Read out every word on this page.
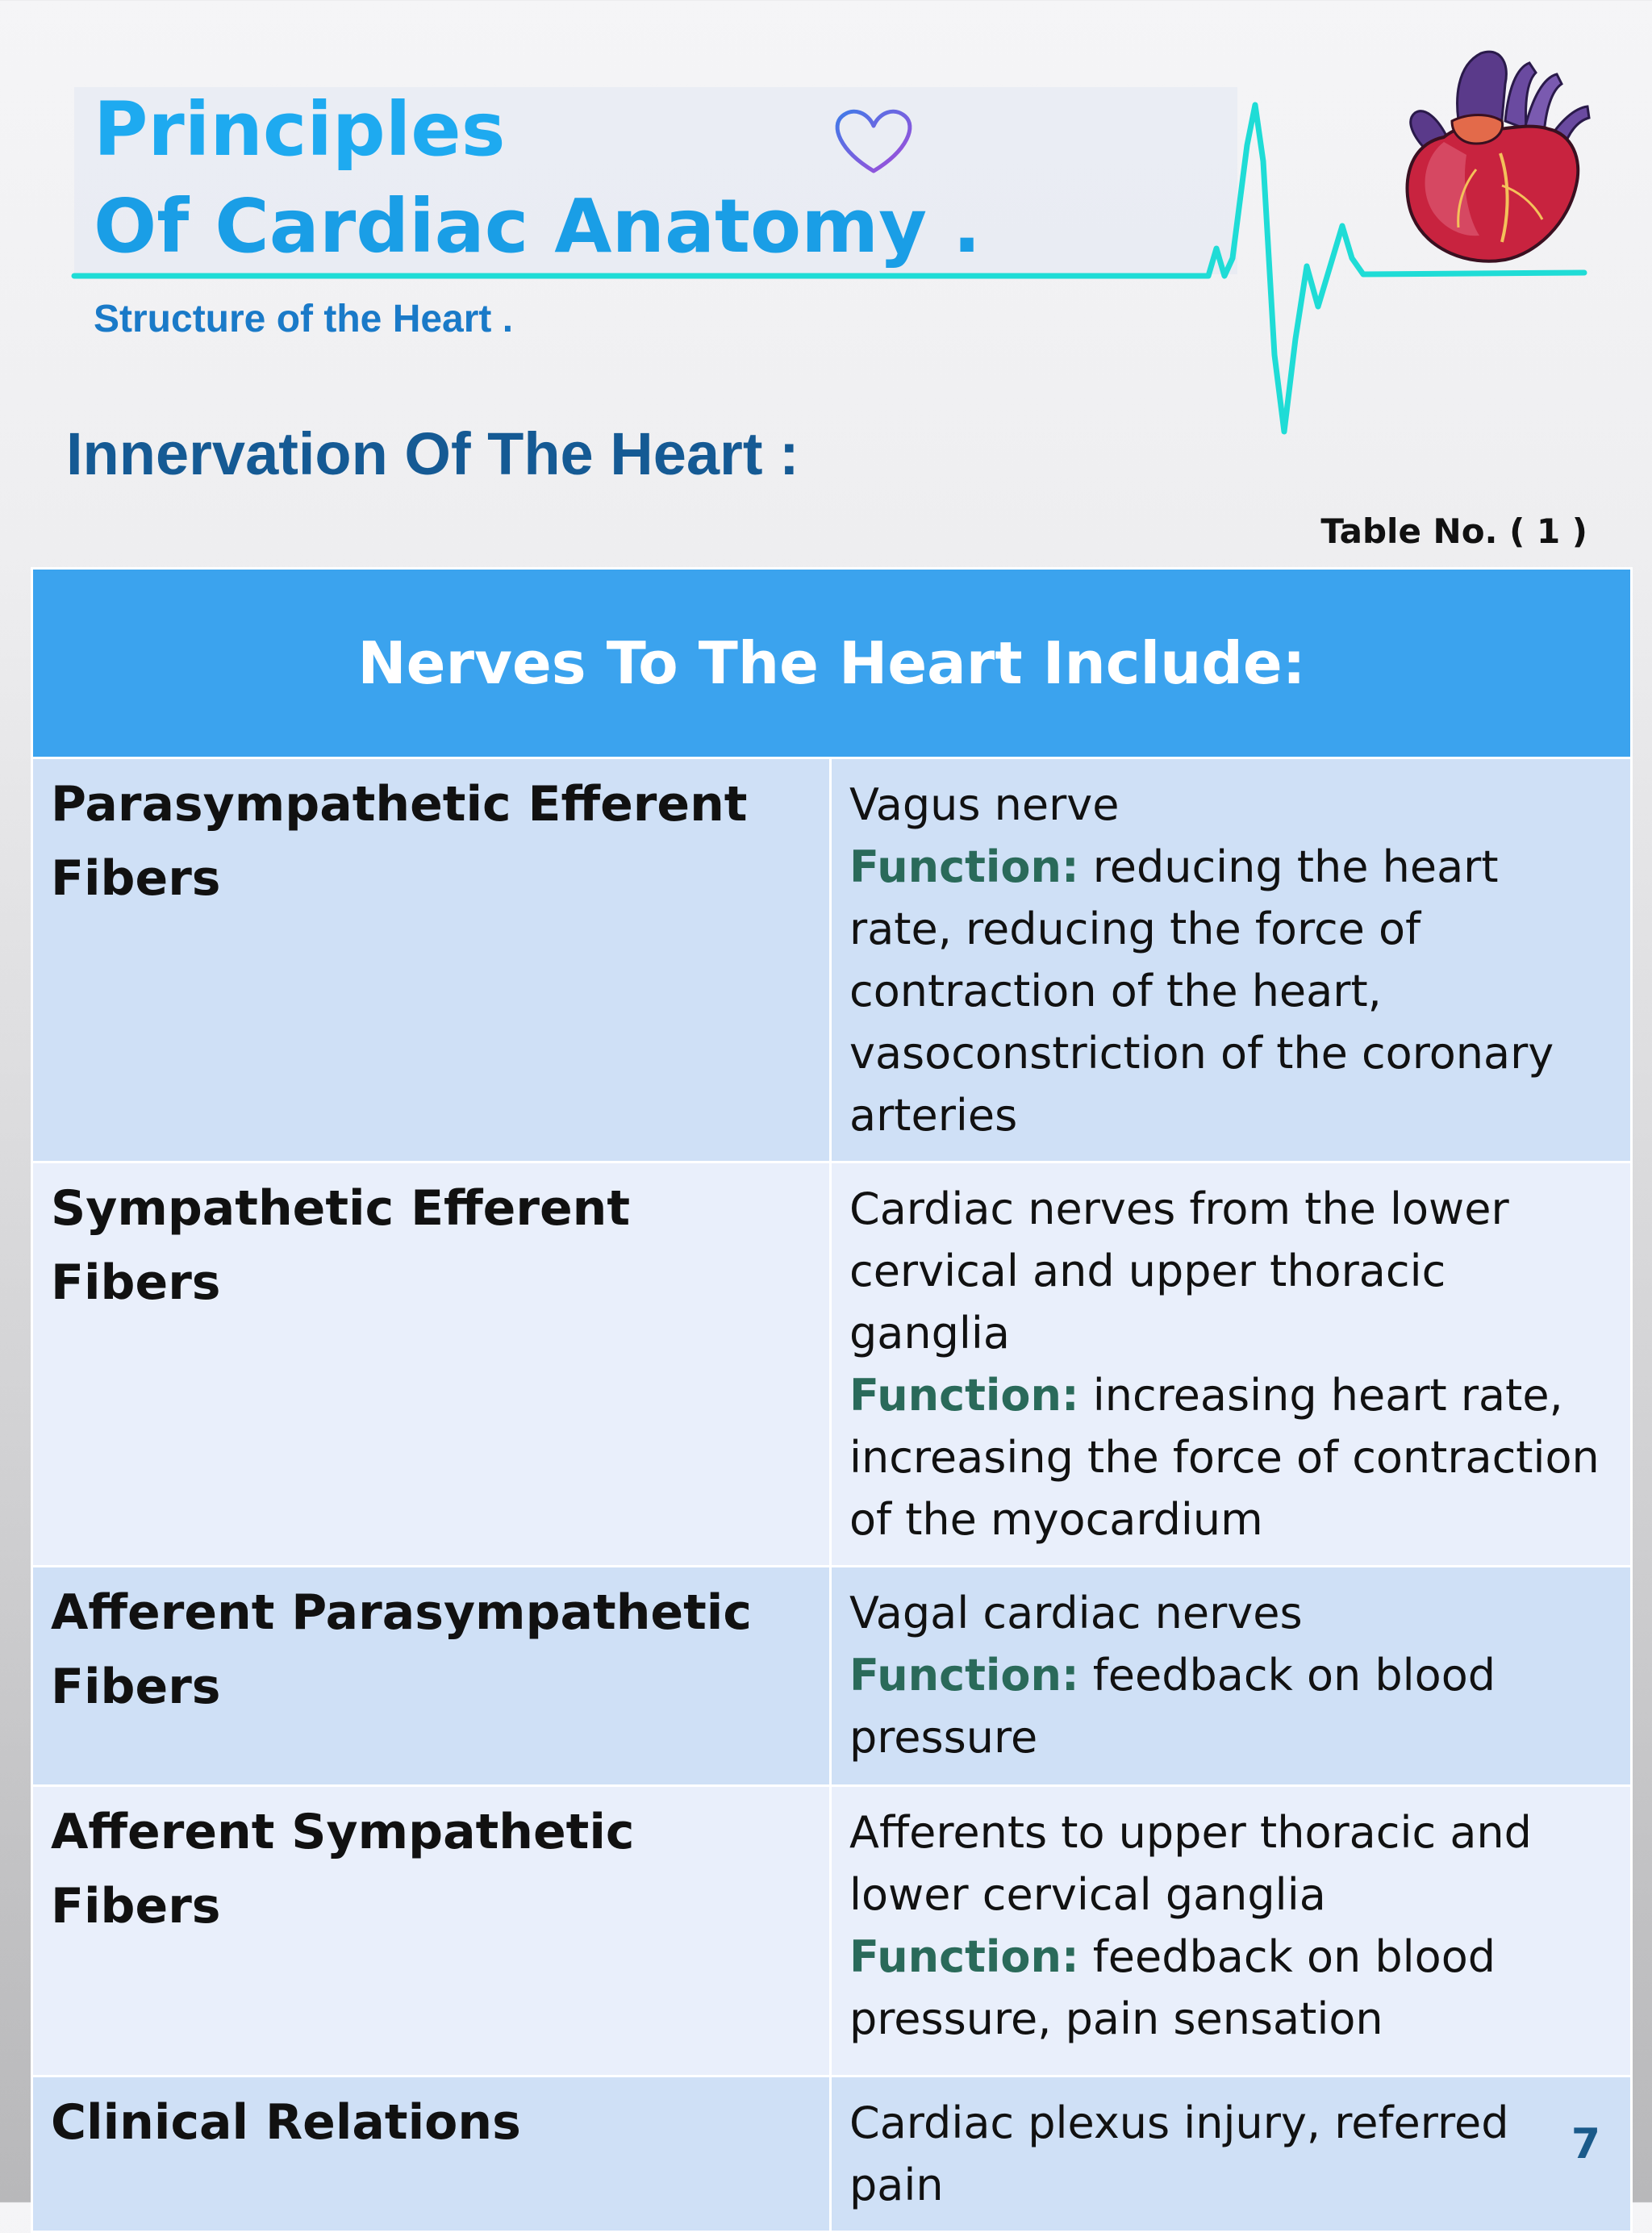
Principles
Of Cardiac Anatomy .

Structure of the Heart .

Innervation Of The Heart :

Table No. ( 1 )

Nerves To The Heart Include:	
Parasympathetic Efferent Fibers	Vagus nerve
Function: reducing the heart rate, reducing the force of contraction of the heart, vasoconstriction of the coronary arteries
Sympathetic Efferent Fibers	Cardiac nerves from the lower cervical and upper thoracic ganglia
Function: increasing heart rate, increasing the force of contraction of the myocardium
Afferent Parasympathetic Fibers	Vagal cardiac nerves
Function: feedback on blood pressure
Afferent Sympathetic Fibers	Afferents to upper thoracic and lower cervical ganglia
Function: feedback on blood pressure, pain sensation
Clinical Relations	Cardiac plexus injury, referred pain

7
